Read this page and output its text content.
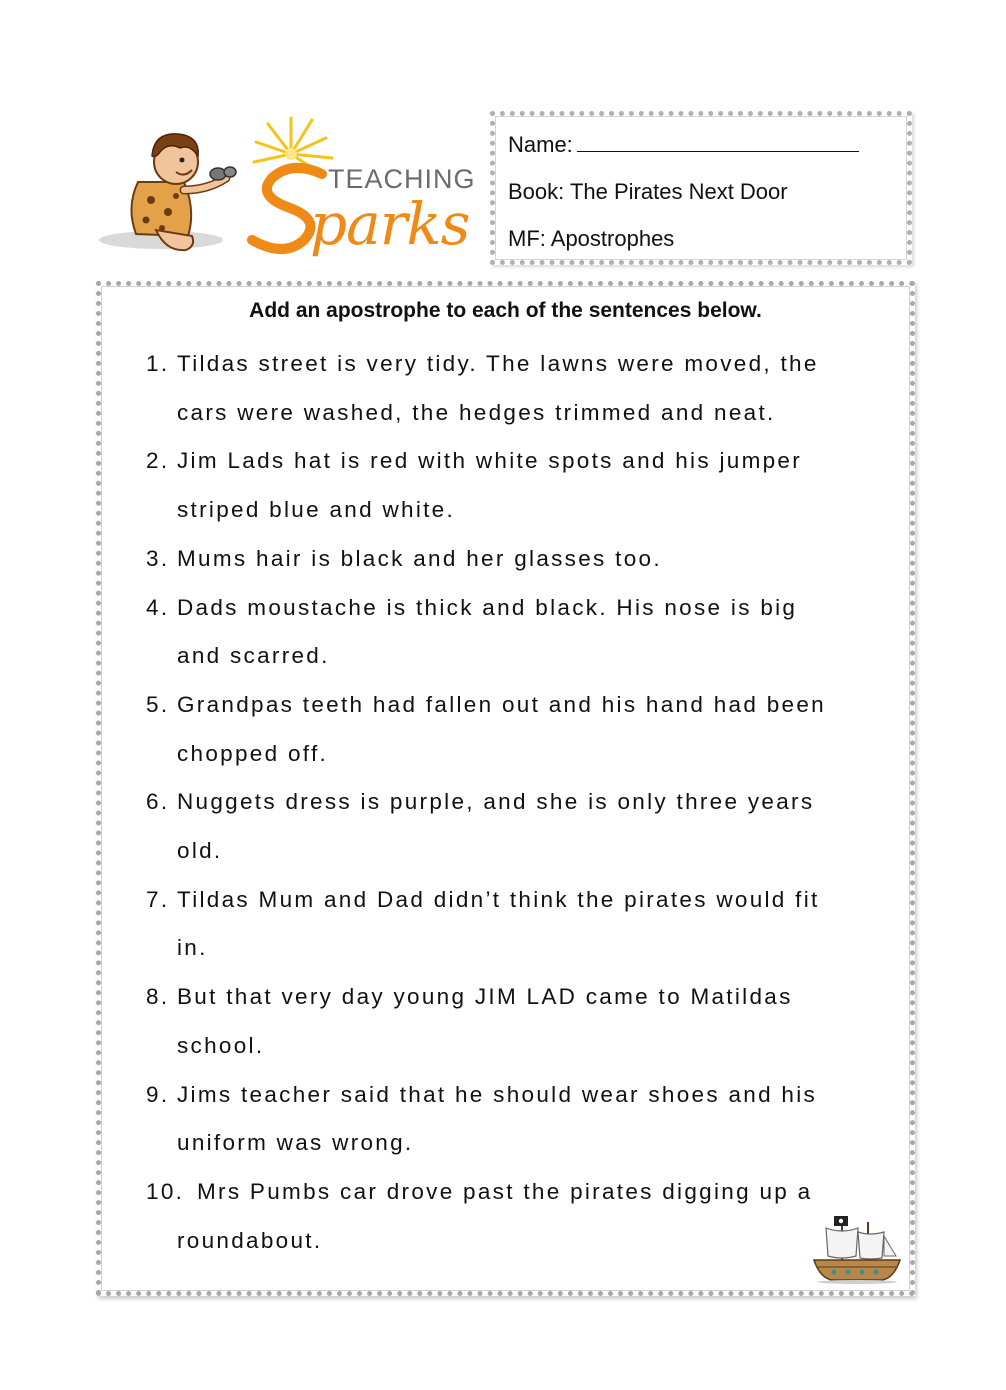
parks
TEACHING
Name:
Book: The Pirates Next Door
MF: Apostrophes
Add an apostrophe to each of the sentences below.
1. Tildas street is very tidy. The lawns were moved, the
cars were washed, the hedges trimmed and neat.
2. Jim Lads hat is red with white spots and his jumper
striped blue and white.
3. Mums hair is black and her glasses too.
4. Dads moustache is thick and black. His nose is big
and scarred.
5. Grandpas teeth had fallen out and his hand had been
chopped off.
6. Nuggets dress is purple, and she is only three years
old.
7. Tildas Mum and Dad didn’t think the pirates would fit
in.
8. But that very day young JIM LAD came to Matildas
school.
9. Jims teacher said that he should wear shoes and his
uniform was wrong.
10. Mrs Pumbs car drove past the pirates digging up a
roundabout.
